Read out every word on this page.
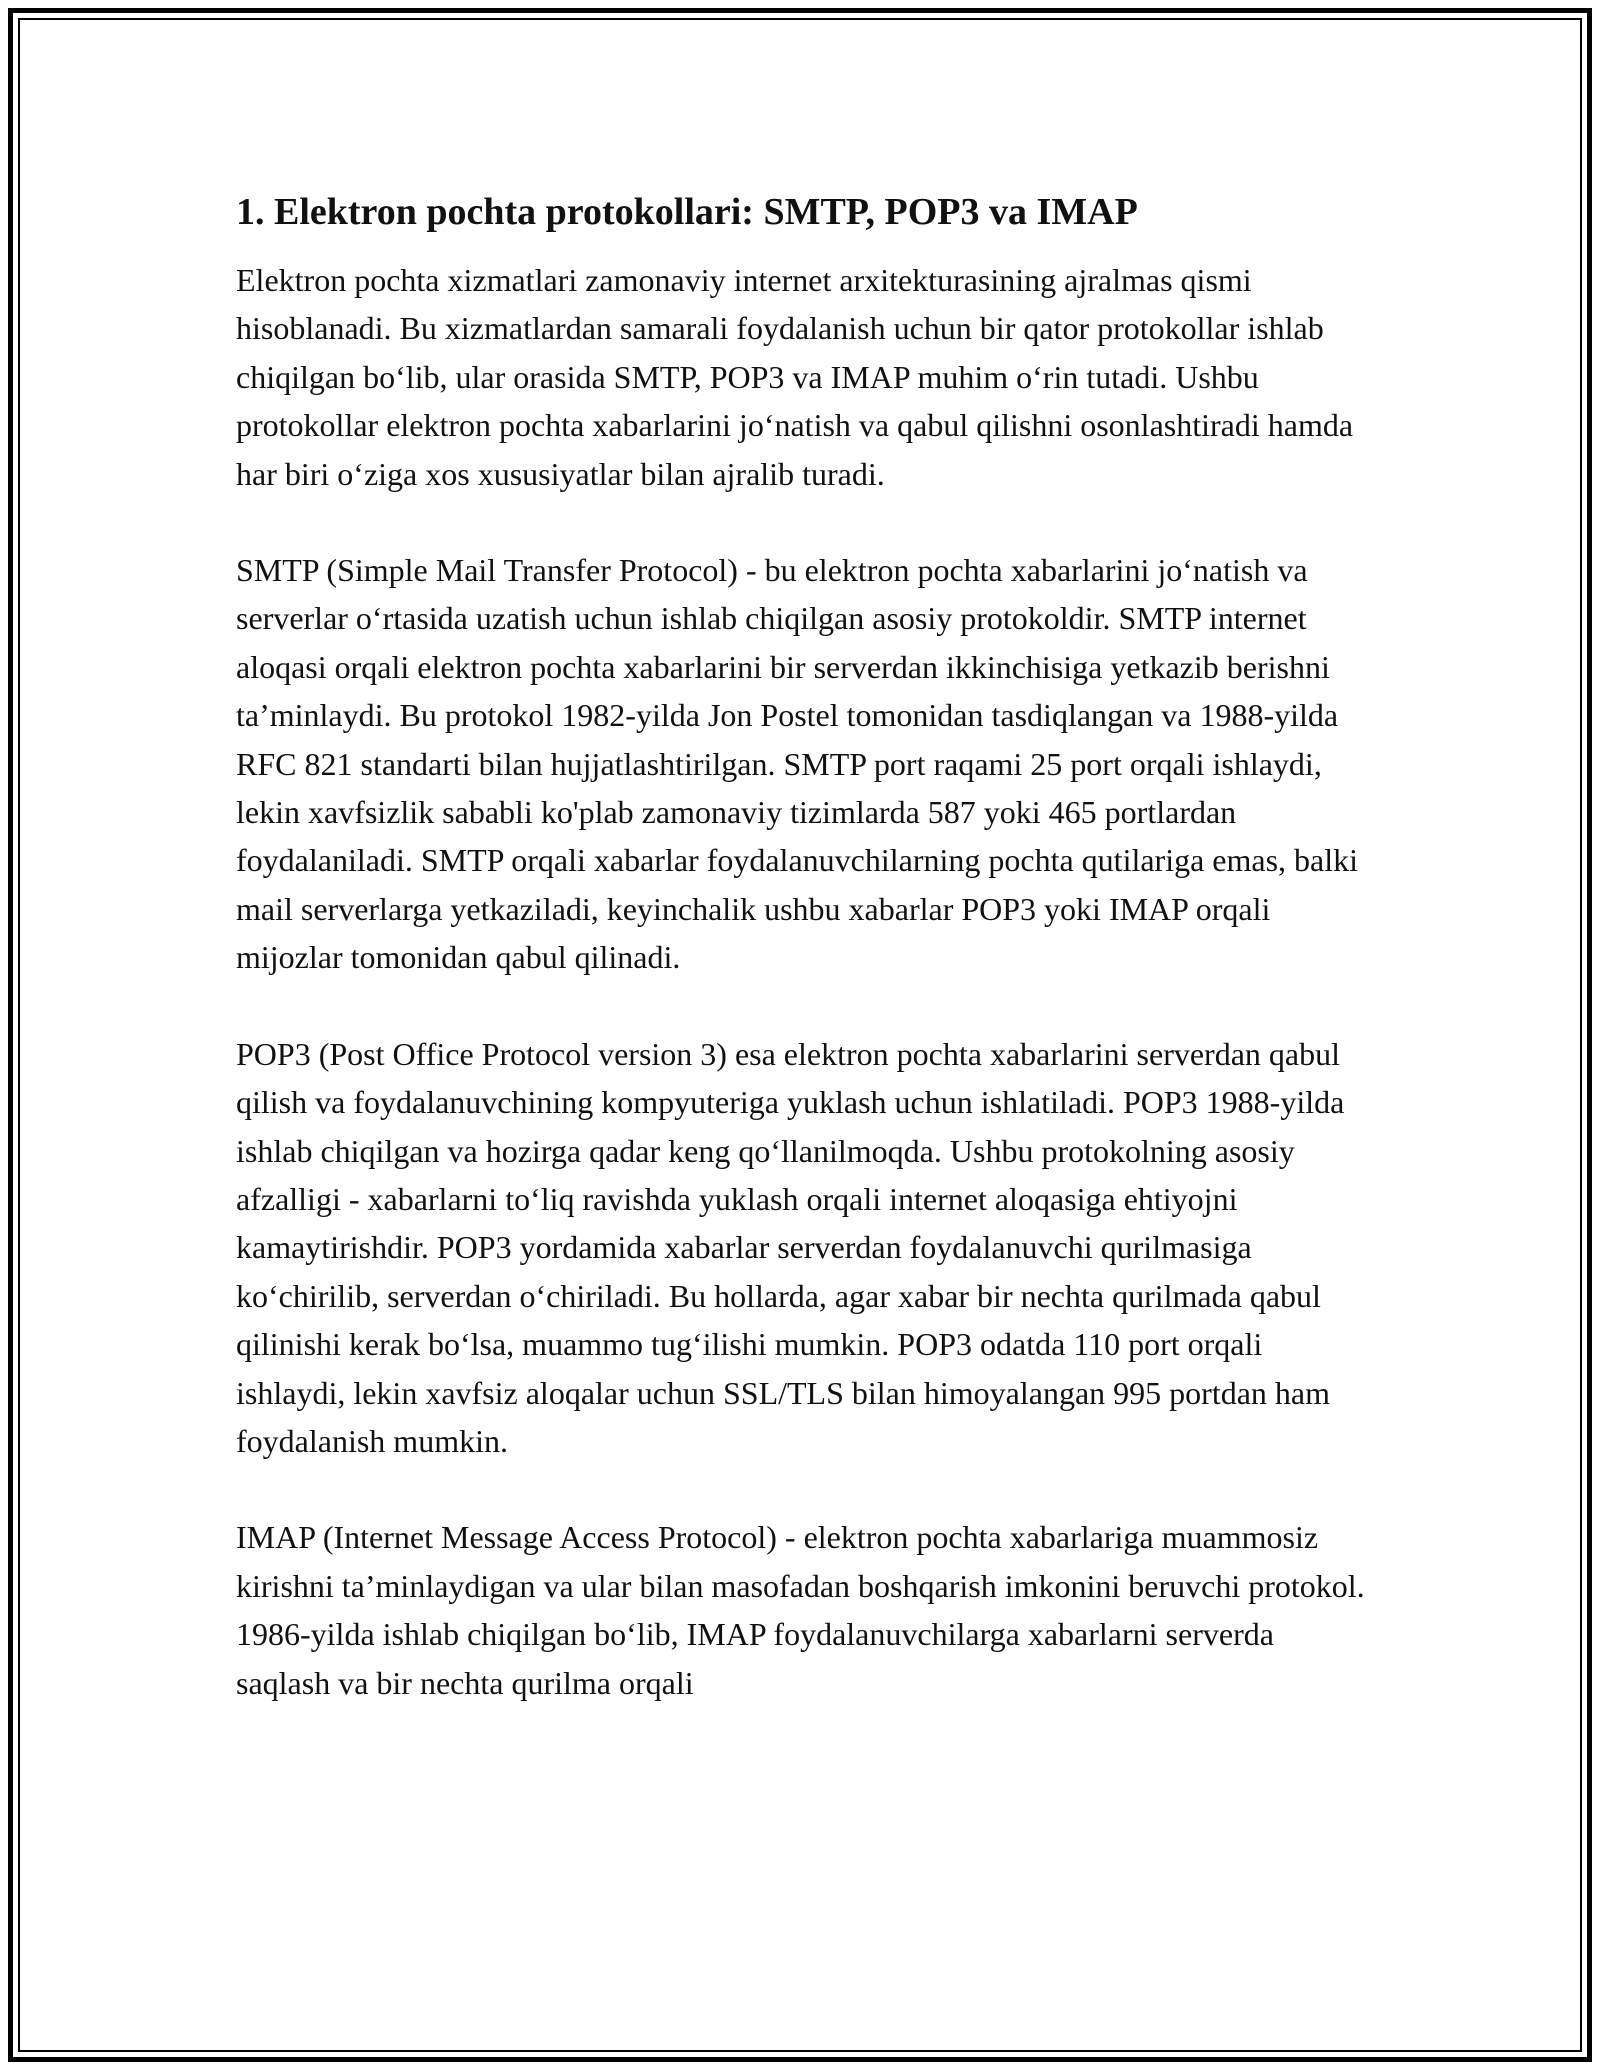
1. Elektron pochta protokollari: SMTP, POP3 va IMAP

Elektron pochta xizmatlari zamonaviy internet arxitekturasining ajralmas qismi hisoblanadi. Bu xizmatlardan samarali foydalanish uchun bir qator protokollar ishlab chiqilgan bo‘lib, ular orasida SMTP, POP3 va IMAP muhim o‘rin tutadi. Ushbu protokollar elektron pochta xabarlarini jo‘natish va qabul qilishni osonlashtiradi hamda har biri o‘ziga xos xususiyatlar bilan ajralib turadi.

SMTP (Simple Mail Transfer Protocol) - bu elektron pochta xabarlarini jo‘natish va serverlar o‘rtasida uzatish uchun ishlab chiqilgan asosiy protokoldir. SMTP internet aloqasi orqali elektron pochta xabarlarini bir serverdan ikkinchisiga yetkazib berishni ta’minlaydi. Bu protokol 1982-yilda Jon Postel tomonidan tasdiqlangan va 1988-yilda RFC 821 standarti bilan hujjatlashtirilgan. SMTP port raqami 25 port orqali ishlaydi, lekin xavfsizlik sababli ko'plab zamonaviy tizimlarda 587 yoki 465 portlardan foydalaniladi. SMTP orqali xabarlar foydalanuvchilarning pochta qutilariga emas, balki mail serverlarga yetkaziladi, keyinchalik ushbu xabarlar POP3 yoki IMAP orqali mijozlar tomonidan qabul qilinadi.

POP3 (Post Office Protocol version 3) esa elektron pochta xabarlarini serverdan qabul qilish va foydalanuvchining kompyuteriga yuklash uchun ishlatiladi. POP3 1988-yilda ishlab chiqilgan va hozirga qadar keng qo‘llanilmoqda. Ushbu protokolning asosiy afzalligi - xabarlarni to‘liq ravishda yuklash orqali internet aloqasiga ehtiyojni kamaytirishdir. POP3 yordamida xabarlar serverdan foydalanuvchi qurilmasiga ko‘chirilib, serverdan o‘chiriladi. Bu hollarda, agar xabar bir nechta qurilmada qabul qilinishi kerak bo‘lsa, muammo tug‘ilishi mumkin. POP3 odatda 110 port orqali ishlaydi, lekin xavfsiz aloqalar uchun SSL/TLS bilan himoyalangan 995 portdan ham foydalanish mumkin.

IMAP (Internet Message Access Protocol) - elektron pochta xabarlariga muammosiz kirishni ta’minlaydigan va ular bilan masofadan boshqarish imkonini beruvchi protokol. 1986-yilda ishlab chiqilgan bo‘lib, IMAP foydalanuvchilarga xabarlarni serverda saqlash va bir nechta qurilma orqali
